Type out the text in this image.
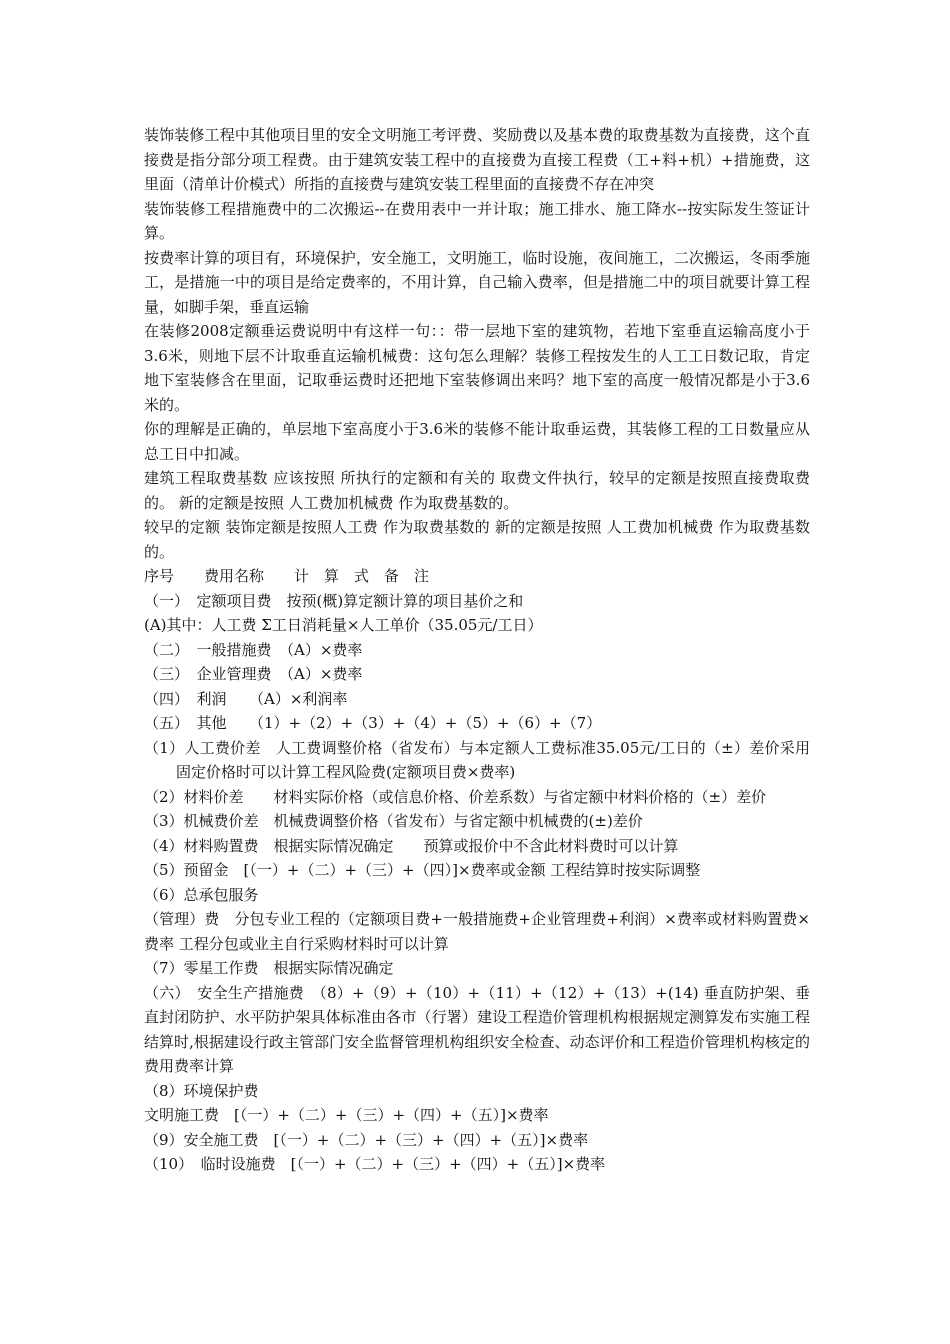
装饰装修工程中其他项目里的安全文明施工考评费、奖励费以及基本费的取费基数为直接费，这个直接费是指分部分项工程费。由于建筑安装工程中的直接费为直接工程费（工+料+机）+措施费，这里面（清单计价模式）所指的直接费与建筑安装工程里面的直接费不存在冲突

装饰装修工程措施费中的二次搬运--在费用表中一并计取；施工排水、施工降水--按实际发生签证计算。

按费率计算的项目有，环境保护，安全施工，文明施工，临时设施，夜间施工，二次搬运，冬雨季施工，是措施一中的项目是给定费率的，不用计算，自己输入费率，但是措施二中的项目就要计算工程量，如脚手架，垂直运输

在装修2008定额垂运费说明中有这样一句：：带一层地下室的建筑物，若地下室垂直运输高度小于3.6米，则地下层不计取垂直运输机械费：这句怎么理解？装修工程按发生的人工工日数记取，肯定地下室装修含在里面，记取垂运费时还把地下室装修调出来吗？地下室的高度一般情况都是小于3.6米的。

你的理解是正确的，单层地下室高度小于3.6米的装修不能计取垂运费，其装修工程的工日数量应从总工日中扣减。

建筑工程取费基数 应该按照 所执行的定额和有关的 取费文件执行，较早的定额是按照直接费取费的。 新的定额是按照 人工费加机械费 作为取费基数的。

较早的定额 装饰定额是按照人工费 作为取费基数的 新的定额是按照 人工费加机械费 作为取费基数的。

序号　　费用名称　　计　算　式　备　注

（一）　定额项目费　按预(概)算定额计算的项目基价之和

(A)其中：人工费 Σ工日消耗量×人工单价（35.05元/工日）

（二）　一般措施费　（A）×费率

（三）　企业管理费　（A）×费率

（四）　利润　　（A）×利润率

（五）　其他　　（1）+（2）+（3）+（4）+（5）+（6）+（7）

（1）人工费价差　人工费调整价格（省发布）与本定额人工费标准35.05元/工日的（±）差价采用固定价格时可以计算工程风险费(定额项目费×费率)

（2）材料价差　　材料实际价格（或信息价格、价差系数）与省定额中材料价格的（±）差价

（3）机械费价差　机械费调整价格（省发布）与省定额中机械费的(±)差价

（4）材料购置费　根据实际情况确定　　预算或报价中不含此材料费时可以计算

（5）预留金　[（一）+（二）+（三）+（四）]×费率或金额 工程结算时按实际调整

（6）总承包服务

（管理）费　分包专业工程的（定额项目费+一般措施费+企业管理费+利润）×费率或材料购置费×费率 工程分包或业主自行采购材料时可以计算

（7）零星工作费　根据实际情况确定

（六）　安全生产措施费　（8）+（9）+（10）+（11）+（12）+（13）+(14) 垂直防护架、垂直封闭防护、水平防护架具体标准由各市（行署）建设工程造价管理机构根据规定测算发布实施工程结算时,根据建设行政主管部门安全监督管理机构组织安全检查、动态评价和工程造价管理机构核定的费用费率计算

（8）环境保护费

文明施工费　[（一）+（二）+（三）+（四）+（五）]×费率

（9）安全施工费　[（一）+（二）+（三）+（四）+（五）]×费率

（10）　临时设施费　[（一）+（二）+（三）+（四）+（五）]×费率
